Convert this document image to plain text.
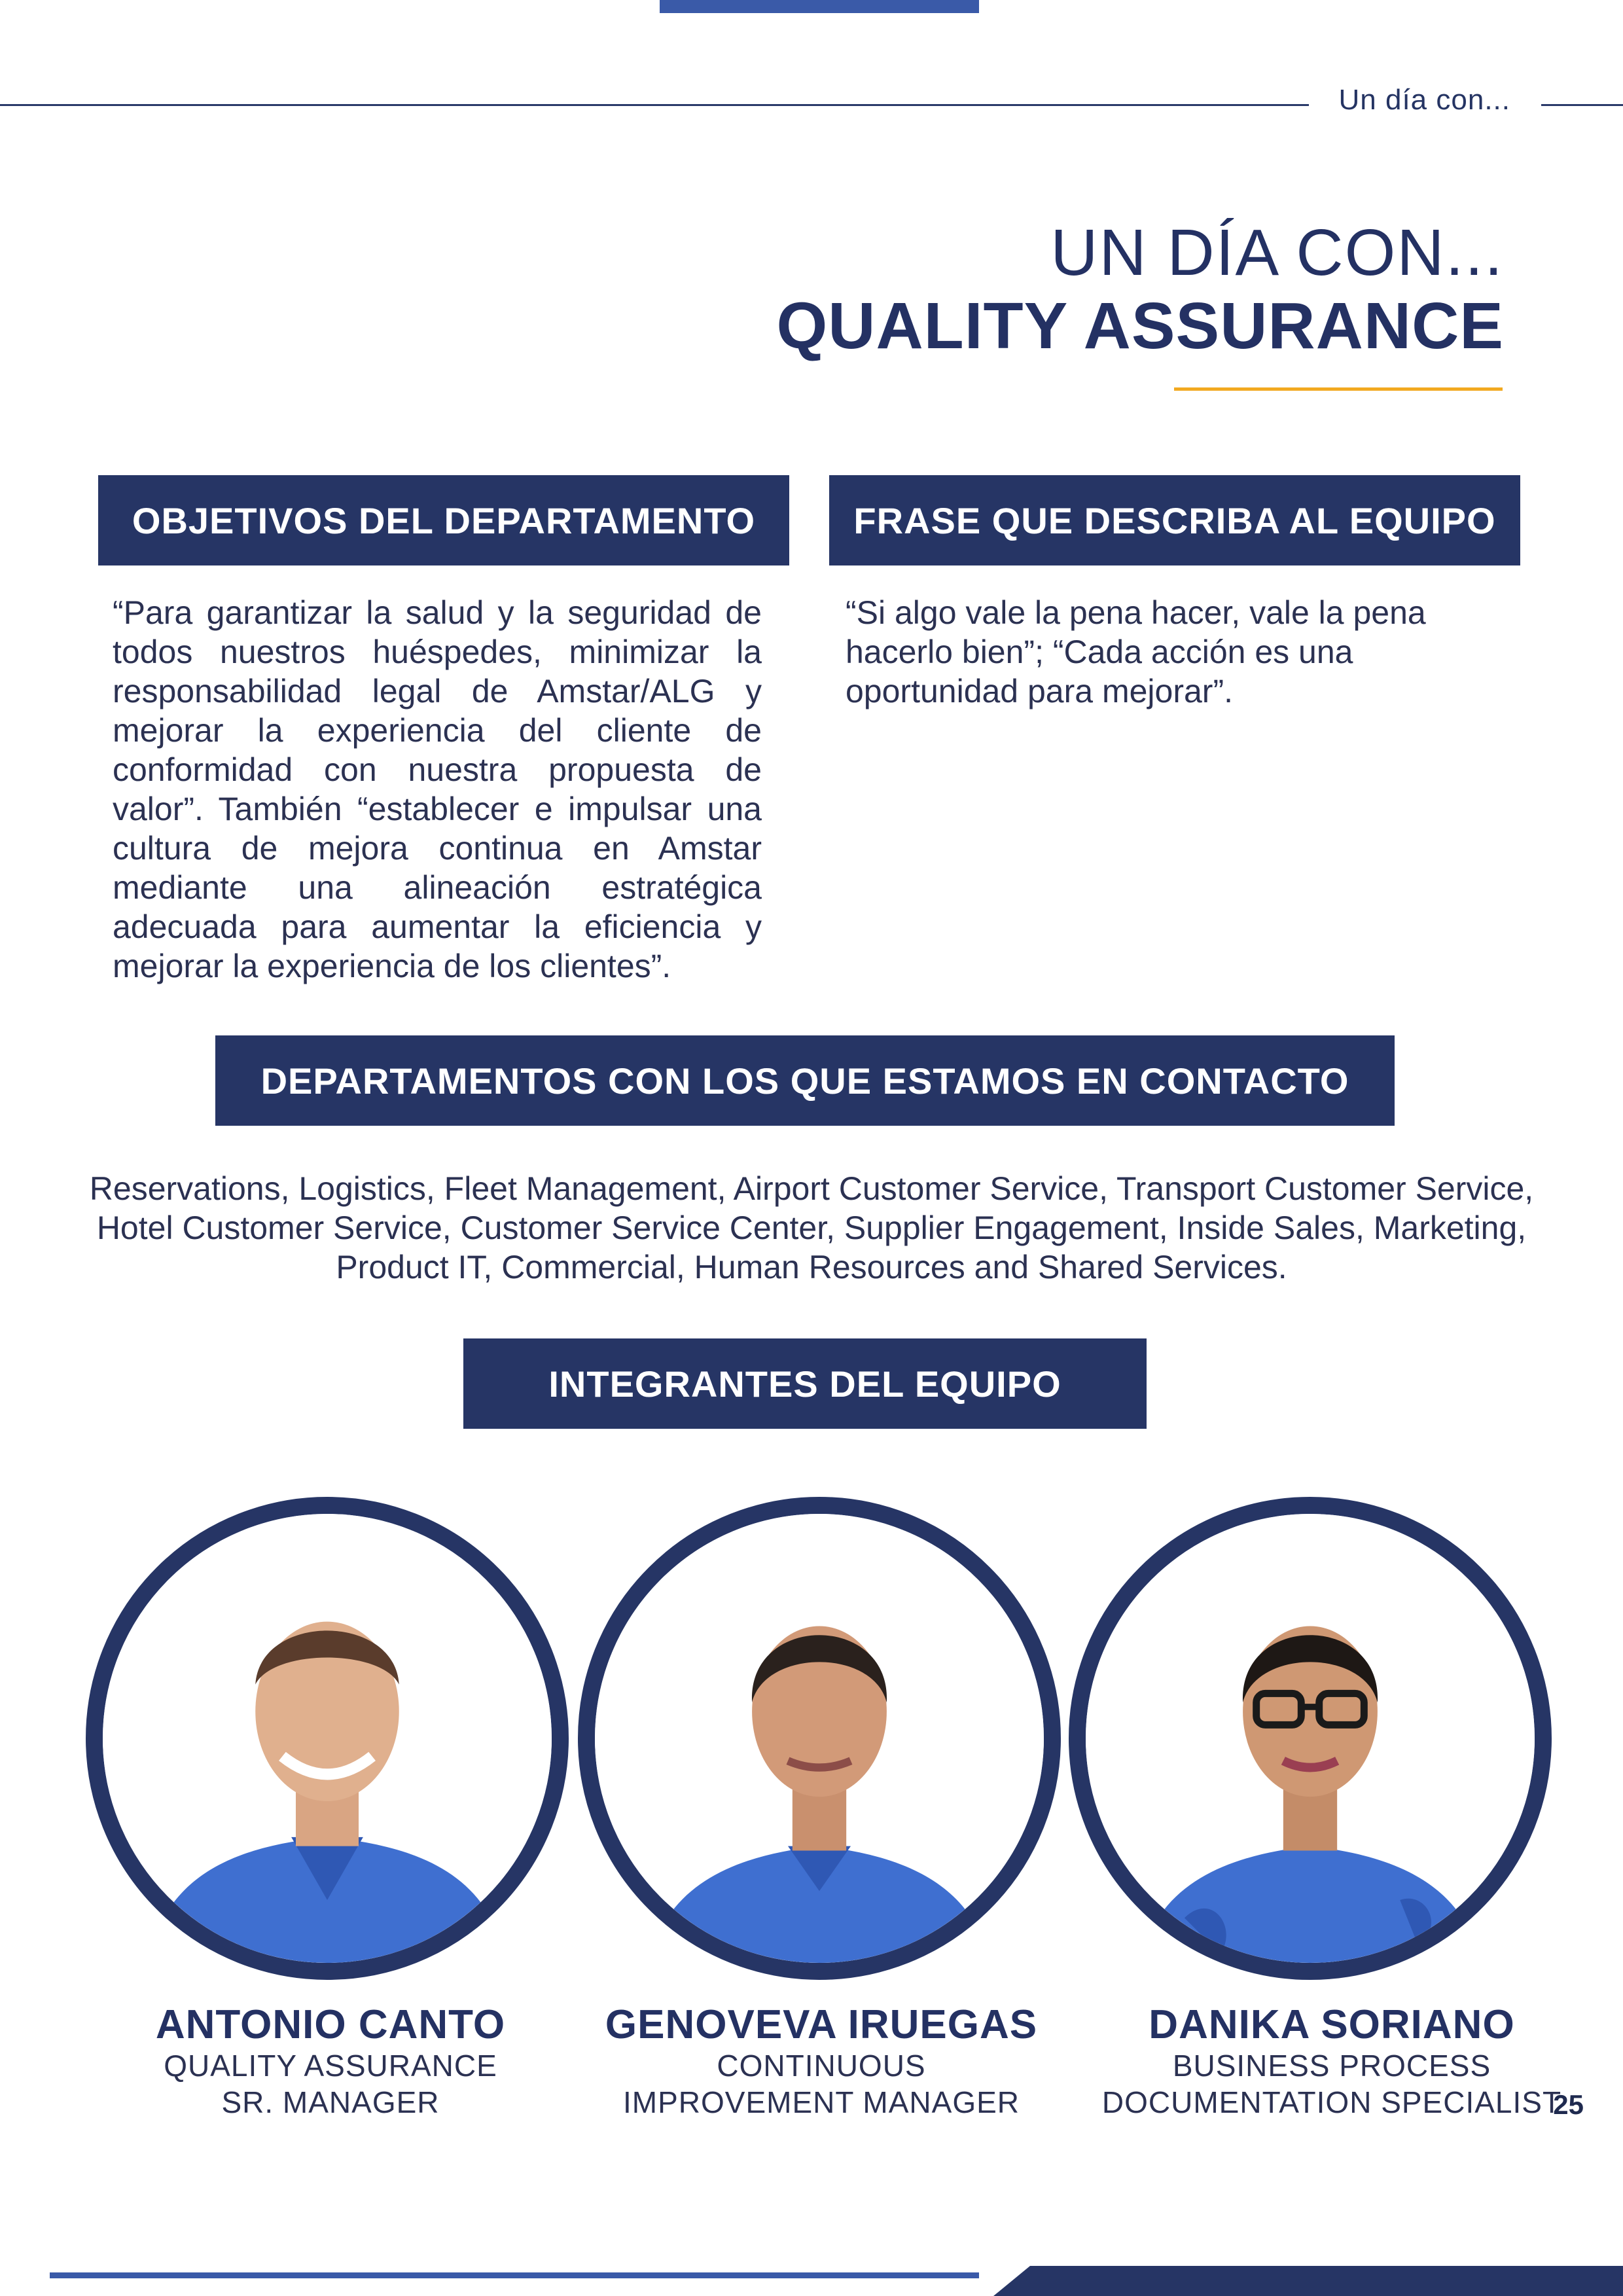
Un día con...
UN DÍA CON...
QUALITY ASSURANCE
OBJETIVOS DEL DEPARTAMENTO
“Para garantizar la salud y la seguridad de todos nuestros huéspedes, minimizar la responsabilidad legal de Amstar/ALG y mejorar la experiencia del cliente de conformidad con nuestra propuesta de valor”. También “establecer e impulsar una cultura de mejora continua en Amstar mediante una alineación estratégica adecuada para aumentar la eficiencia y mejorar la experiencia de los clientes”.
FRASE QUE DESCRIBA AL EQUIPO
“Si algo vale la pena hacer, vale la pena hacerlo bien”; “Cada acción es una oportunidad para mejorar”.
DEPARTAMENTOS CON LOS QUE ESTAMOS EN CONTACTO
Reservations, Logistics, Fleet Management, Airport Customer Service, Transport Customer Service, Hotel Customer Service, Customer Service Center, Supplier Engagement, Inside Sales, Marketing, Product IT, Commercial, Human Resources and Shared Services.
INTEGRANTES DEL EQUIPO
ANTONIO CANTO
QUALITY ASSURANCE
SR. MANAGER
GENOVEVA IRUEGAS
CONTINUOUS
IMPROVEMENT MANAGER
DANIKA SORIANO
BUSINESS PROCESS
DOCUMENTATION SPECIALIST
25
